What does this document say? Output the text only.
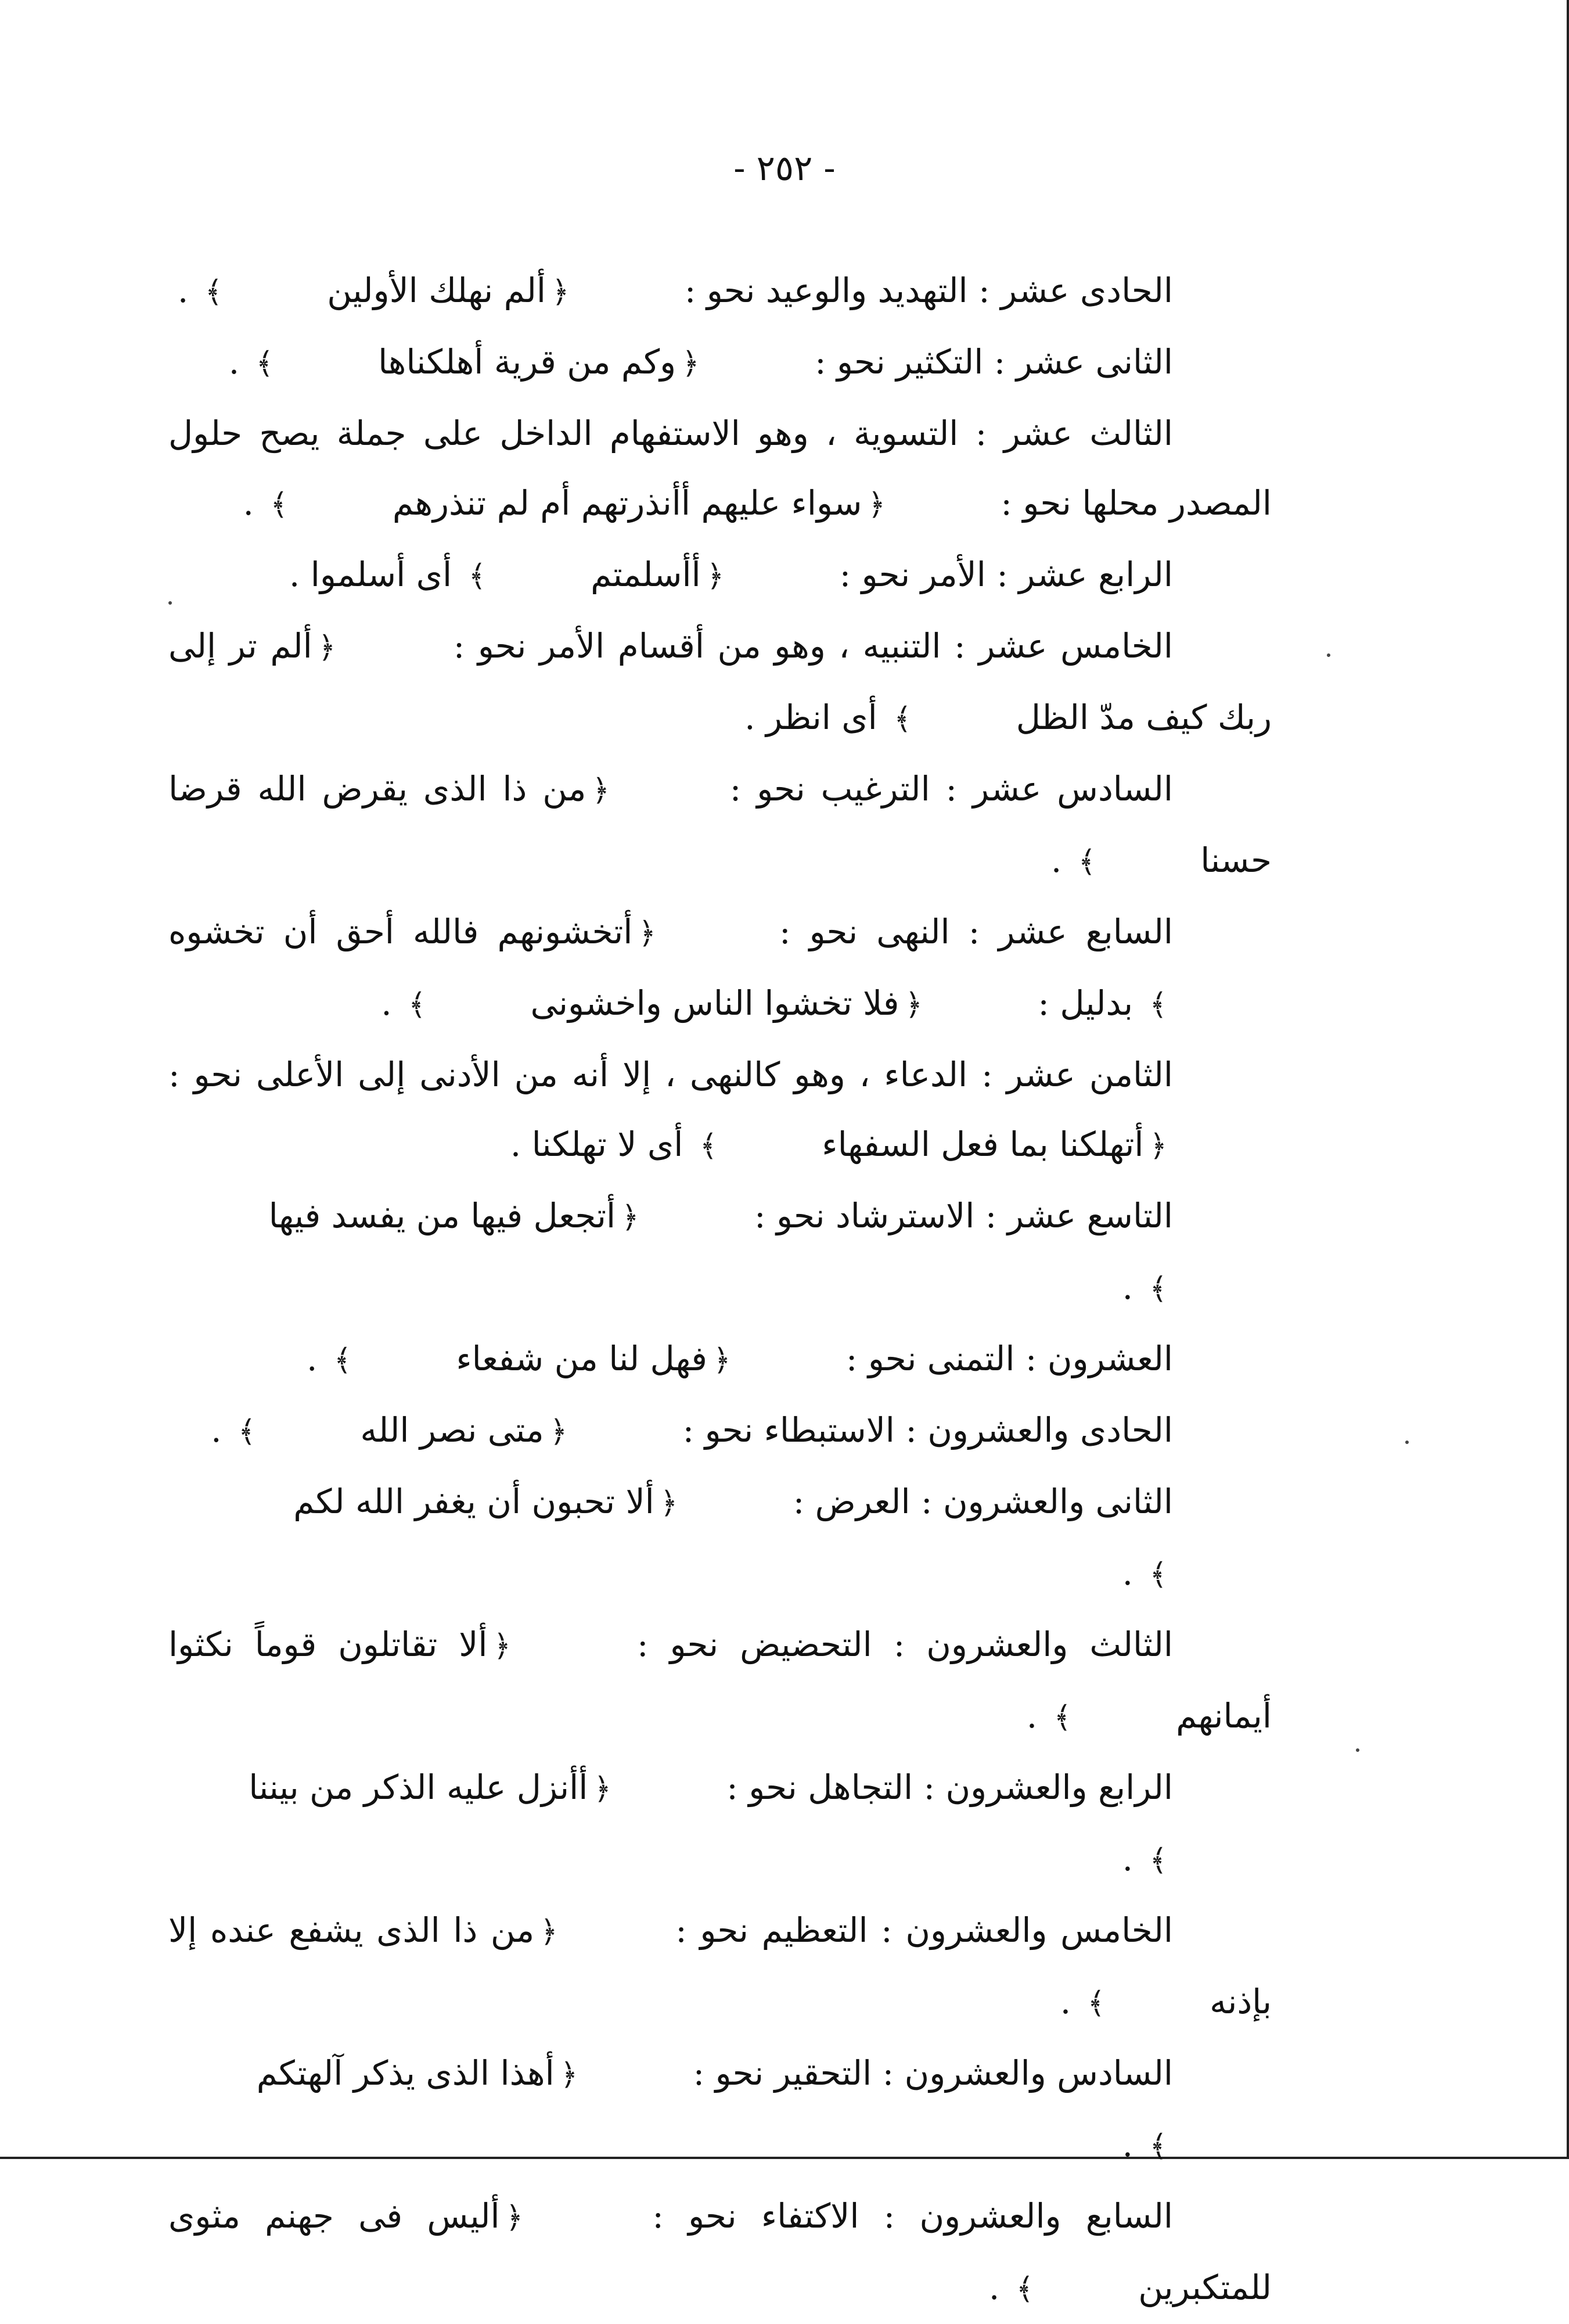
- ٢٥٢ -

الحادى عشر : التهديد والوعيد نحو : ﴿ألم نهلك الأولين﴾ .

الثانى عشر : التكثير نحو : ﴿وكم من قرية أهلكناها﴾ .

الثالث عشر : التسوية ، وهو الاستفهام الداخل على جملة يصح حلول المصدر محلها نحو : ﴿سواء عليهم أأنذرتهم أم لم تنذرهم﴾ .

الرابع عشر : الأمر نحو : ﴿أأسلمتم﴾ أى أسلموا .

الخامس عشر : التنبيه ، وهو من أقسام الأمر نحو : ﴿ألم تر إلى ربك كيف مدّ الظل﴾ أى انظر .

السادس عشر : الترغيب نحو : ﴿من ذا الذى يقرض الله قرضا حسنا﴾ .

السابع عشر : النهى نحو : ﴿أتخشونهم فالله أحق أن تخشوه﴾ بدليل : ﴿فلا تخشوا الناس واخشونى﴾ .

الثامن عشر : الدعاء ، وهو كالنهى ، إلا أنه من الأدنى إلى الأعلى نحو : ﴿أتهلكنا بما فعل السفهاء﴾ أى لا تهلكنا .

التاسع عشر : الاسترشاد نحو : ﴿أتجعل فيها من يفسد فيها﴾ .

العشرون : التمنى نحو : ﴿فهل لنا من شفعاء﴾ .

الحادى والعشرون : الاستبطاء نحو : ﴿متى نصر الله﴾ .

الثانى والعشرون : العرض : ﴿ألا تحبون أن يغفر الله لكم﴾ .

الثالث والعشرون : التحضيض نحو : ﴿ألا تقاتلون قوماً نكثوا أيمانهم﴾ .

الرابع والعشرون : التجاهل نحو : ﴿أأنزل عليه الذكر من بيننا﴾ .

الخامس والعشرون : التعظيم نحو : ﴿من ذا الذى يشفع عنده إلا بإذنه﴾ .

السادس والعشرون : التحقير نحو : ﴿أهذا الذى يذكر آلهتكم﴾ .

السابع والعشرون : الاكتفاء نحو : ﴿أليس فى جهنم مثوى للمتكبرين﴾ .
